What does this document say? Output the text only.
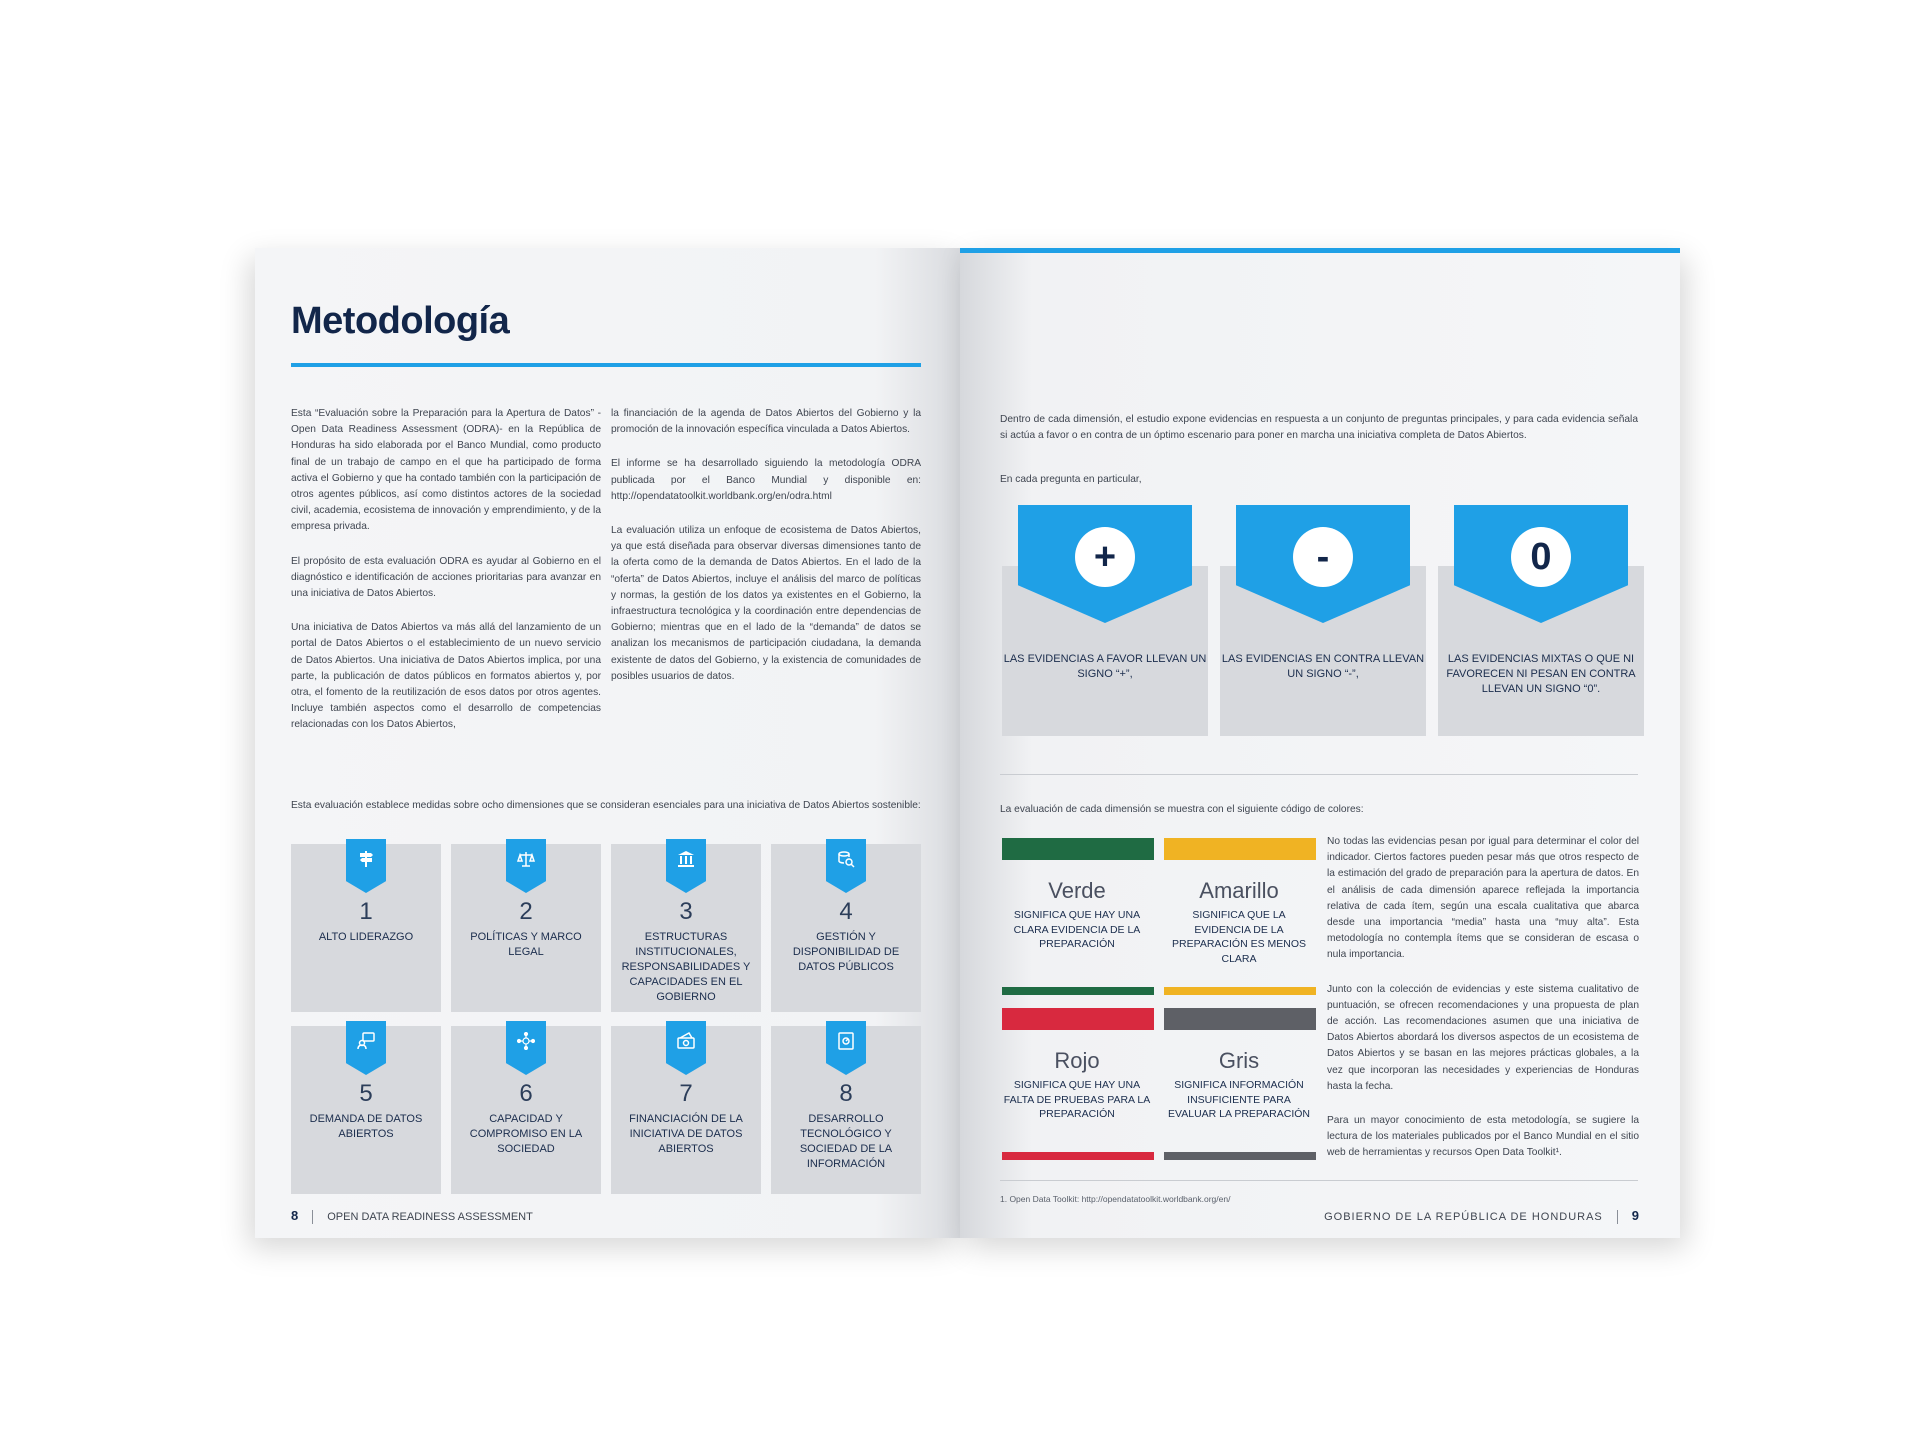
Metodología

Esta “Evaluación sobre la Preparación para la Apertura de Datos” -Open Data Readiness Assessment (ODRA)- en la República de Honduras ha sido elaborada por el Banco Mundial, como producto final de un trabajo de campo en el que ha participado de forma activa el Gobierno y que ha contado también con la participación de otros agentes públicos, así como distintos actores de la sociedad civil, academia, ecosistema de innovación y emprendimiento, y de la empresa privada.

El propósito de esta evaluación ODRA es ayudar al Gobierno en el diagnóstico e identificación de acciones prioritarias para avanzar en una iniciativa de Datos Abiertos.

Una iniciativa de Datos Abiertos va más allá del lanzamiento de un portal de Datos Abiertos o el establecimiento de un nuevo servicio de Datos Abiertos. Una iniciativa de Datos Abiertos implica, por una parte, la publicación de datos públicos en formatos abiertos y, por otra, el fomento de la reutilización de esos datos por otros agentes. Incluye también aspectos como el desarrollo de competencias relacionadas con los Datos Abiertos,

la financiación de la agenda de Datos Abiertos del Gobierno y la promoción de la innovación específica vinculada a Datos Abiertos.

El informe se ha desarrollado siguiendo la metodología ODRA publicada por el Banco Mundial y disponible en: http://opendatatoolkit.worldbank.org/en/odra.html

La evaluación utiliza un enfoque de ecosistema de Datos Abiertos, ya que está diseñada para observar diversas dimensiones tanto de la oferta como de la demanda de Datos Abiertos. En el lado de la “oferta” de Datos Abiertos, incluye el análisis del marco de políticas y normas, la gestión de los datos ya existentes en el Gobierno, la infraestructura tecnológica y la coordinación entre dependencias de Gobierno; mientras que en el lado de la “demanda” de datos se analizan los mecanismos de participación ciudadana, la demanda existente de datos del Gobierno, y la existencia de comunidades de posibles usuarios de datos.

Esta evaluación establece medidas sobre ocho dimensiones que se consideran esenciales para una iniciativa de Datos Abiertos sostenible:

1
ALTO LIDERAZGO
2
POLÍTICAS Y MARCO LEGAL
3
ESTRUCTURAS INSTITUCIONALES, RESPONSABILIDADES Y CAPACIDADES EN EL GOBIERNO
4
GESTIÓN Y DISPONIBILIDAD DE DATOS PÚBLICOS
5
DEMANDA DE DATOS ABIERTOS
6
CAPACIDAD Y COMPROMISO EN LA SOCIEDAD
7
FINANCIACIÓN DE LA INICIATIVA DE DATOS ABIERTOS
8
DESARROLLO TECNOLÓGICO Y SOCIEDAD DE LA INFORMACIÓN
8	OPEN DATA READINESS ASSESSMENT

Dentro de cada dimensión, el estudio expone evidencias en respuesta a un conjunto de preguntas principales, y para cada evidencia señala si actúa a favor o en contra de un óptimo escenario para poner en marcha una iniciativa completa de Datos Abiertos.

En cada pregunta en particular,

+
LAS EVIDENCIAS A FAVOR LLEVAN UN SIGNO “+”,
-
LAS EVIDENCIAS EN CONTRA LLEVAN UN SIGNO “-”,
0
LAS EVIDENCIAS MIXTAS O QUE NI FAVORECEN NI PESAN EN CONTRA LLEVAN UN SIGNO “0”.

La evaluación de cada dimensión se muestra con el siguiente código de colores:

Verde
SIGNIFICA QUE HAY UNA CLARA EVIDENCIA DE LA PREPARACIÓN
Amarillo
SIGNIFICA QUE LA EVIDENCIA DE LA PREPARACIÓN ES MENOS CLARA
Rojo
SIGNIFICA QUE HAY UNA FALTA DE PRUEBAS PARA LA PREPARACIÓN
Gris
SIGNIFICA INFORMACIÓN INSUFICIENTE PARA EVALUAR LA PREPARACIÓN

No todas las evidencias pesan por igual para determinar el color del indicador. Ciertos factores pueden pesar más que otros respecto de la estimación del grado de preparación para la apertura de datos. En el análisis de cada dimensión aparece reflejada la importancia relativa de cada ítem, según una escala cualitativa que abarca desde una importancia “media” hasta una “muy alta”. Esta metodología no contempla ítems que se consideran de escasa o nula importancia.

Junto con la colección de evidencias y este sistema cualitativo de puntuación, se ofrecen recomendaciones y una propuesta de plan de acción. Las recomendaciones asumen que una iniciativa de Datos Abiertos abordará los diversos aspectos de un ecosistema de Datos Abiertos y se basan en las mejores prácticas globales, a la vez que incorporan las necesidades y experiencias de Honduras hasta la fecha.

Para un mayor conocimiento de esta metodología, se sugiere la lectura de los materiales publicados por el Banco Mundial en el sitio web de herramientas y recursos Open Data Toolkit¹.

1. Open Data Toolkit: http://opendatatoolkit.worldbank.org/en/
GOBIERNO DE LA REPÚBLICA DE HONDURAS 9
